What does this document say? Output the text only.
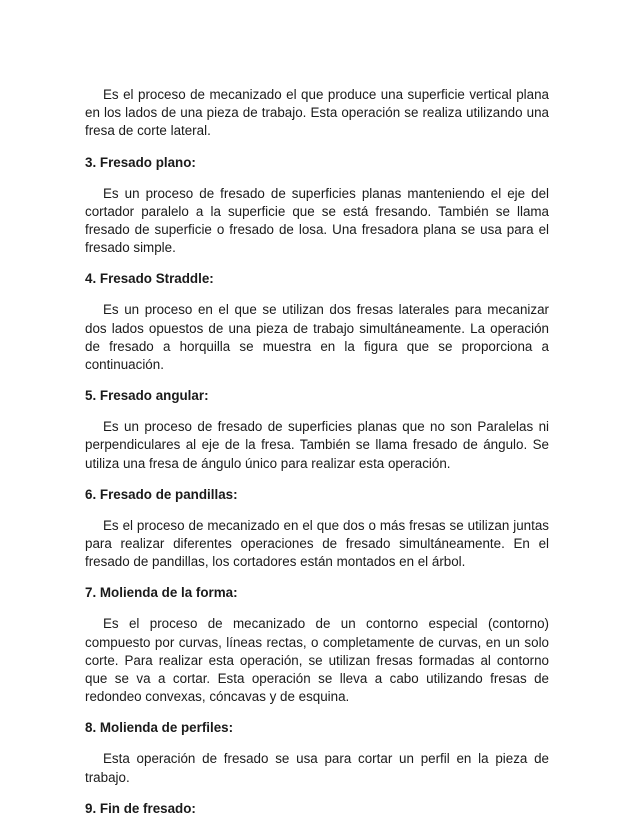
Es el proceso de mecanizado el que produce una superficie vertical plana en los lados de una pieza de trabajo. Esta operación se realiza utilizando una fresa de corte lateral.

3. Fresado plano:

Es un proceso de fresado de superficies planas manteniendo el eje del cortador paralelo a la superficie que se está fresando. También se llama fresado de superficie o fresado de losa. Una fresadora plana se usa para el fresado simple.

4. Fresado Straddle:

Es un proceso en el que se utilizan dos fresas laterales para mecanizar dos lados opuestos de una pieza de trabajo simultáneamente. La operación de fresado a horquilla se muestra en la figura que se proporciona a continuación.

5. Fresado angular:

Es un proceso de fresado de superficies planas que no son Paralelas ni perpendiculares al eje de la fresa. También se llama fresado de ángulo. Se utiliza una fresa de ángulo único para realizar esta operación.

6. Fresado de pandillas:

Es el proceso de mecanizado en el que dos o más fresas se utilizan juntas para realizar diferentes operaciones de fresado simultáneamente. En el fresado de pandillas, los cortadores están montados en el árbol.

7. Molienda de la forma:

Es el proceso de mecanizado de un contorno especial (contorno) compuesto por curvas, líneas rectas, o completamente de curvas, en un solo corte. Para realizar esta operación, se utilizan fresas formadas al contorno que se va a cortar. Esta operación se lleva a cabo utilizando fresas de redondeo convexas, cóncavas y de esquina.

8. Molienda de perfiles:

Esta operación de fresado se usa para cortar un perfil en la pieza de trabajo.

9. Fin de fresado:
